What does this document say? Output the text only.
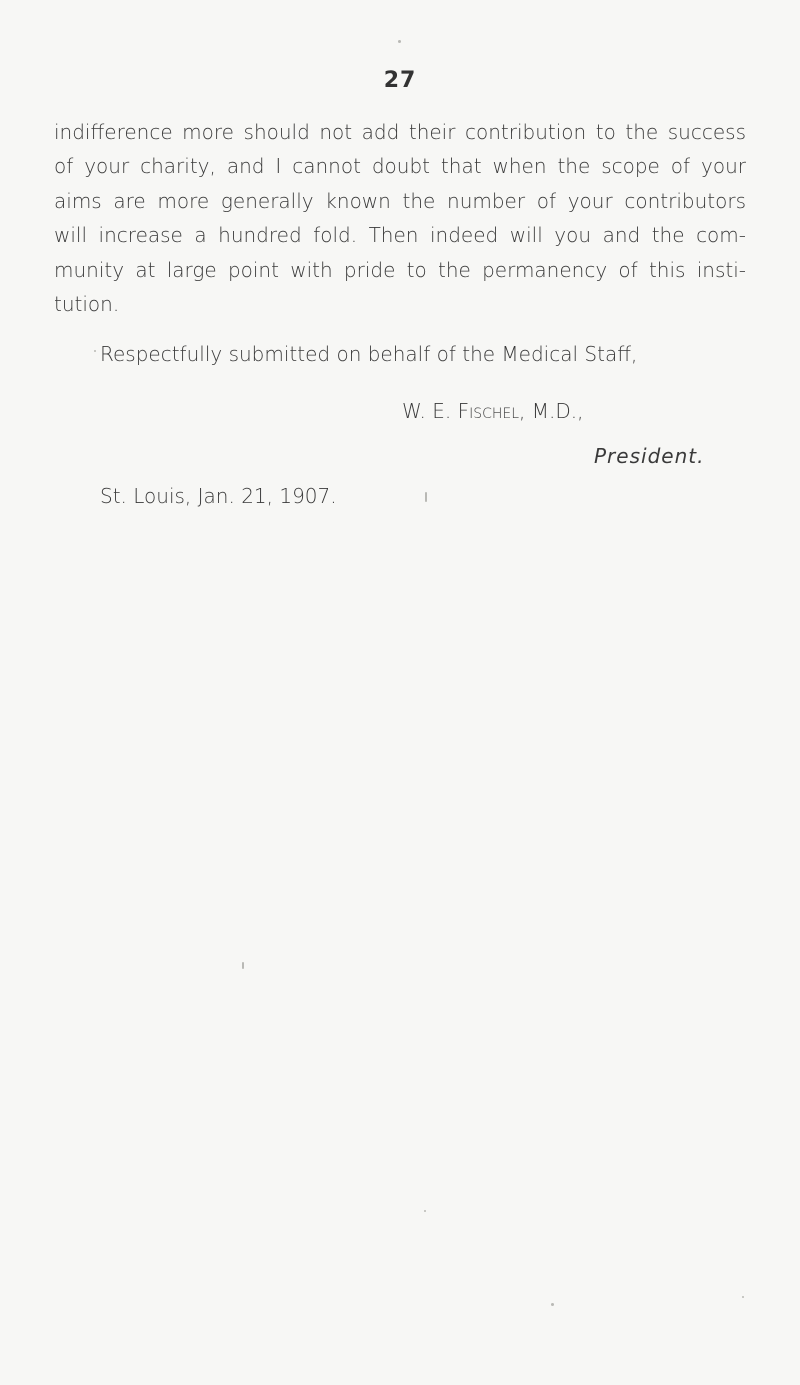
27
indifference more should not add their contribution to the success
of your charity, and I cannot doubt that when the scope of your
aims are more generally known the number of your contributors
will increase a hundred fold. Then indeed will you and the com-
munity at large point with pride to the permanency of this insti-
tution.
Respectfully submitted on behalf of the Medical Staff,
W. E. Fischel, M.D.,
President.
St. Louis, Jan. 21, 1907.
